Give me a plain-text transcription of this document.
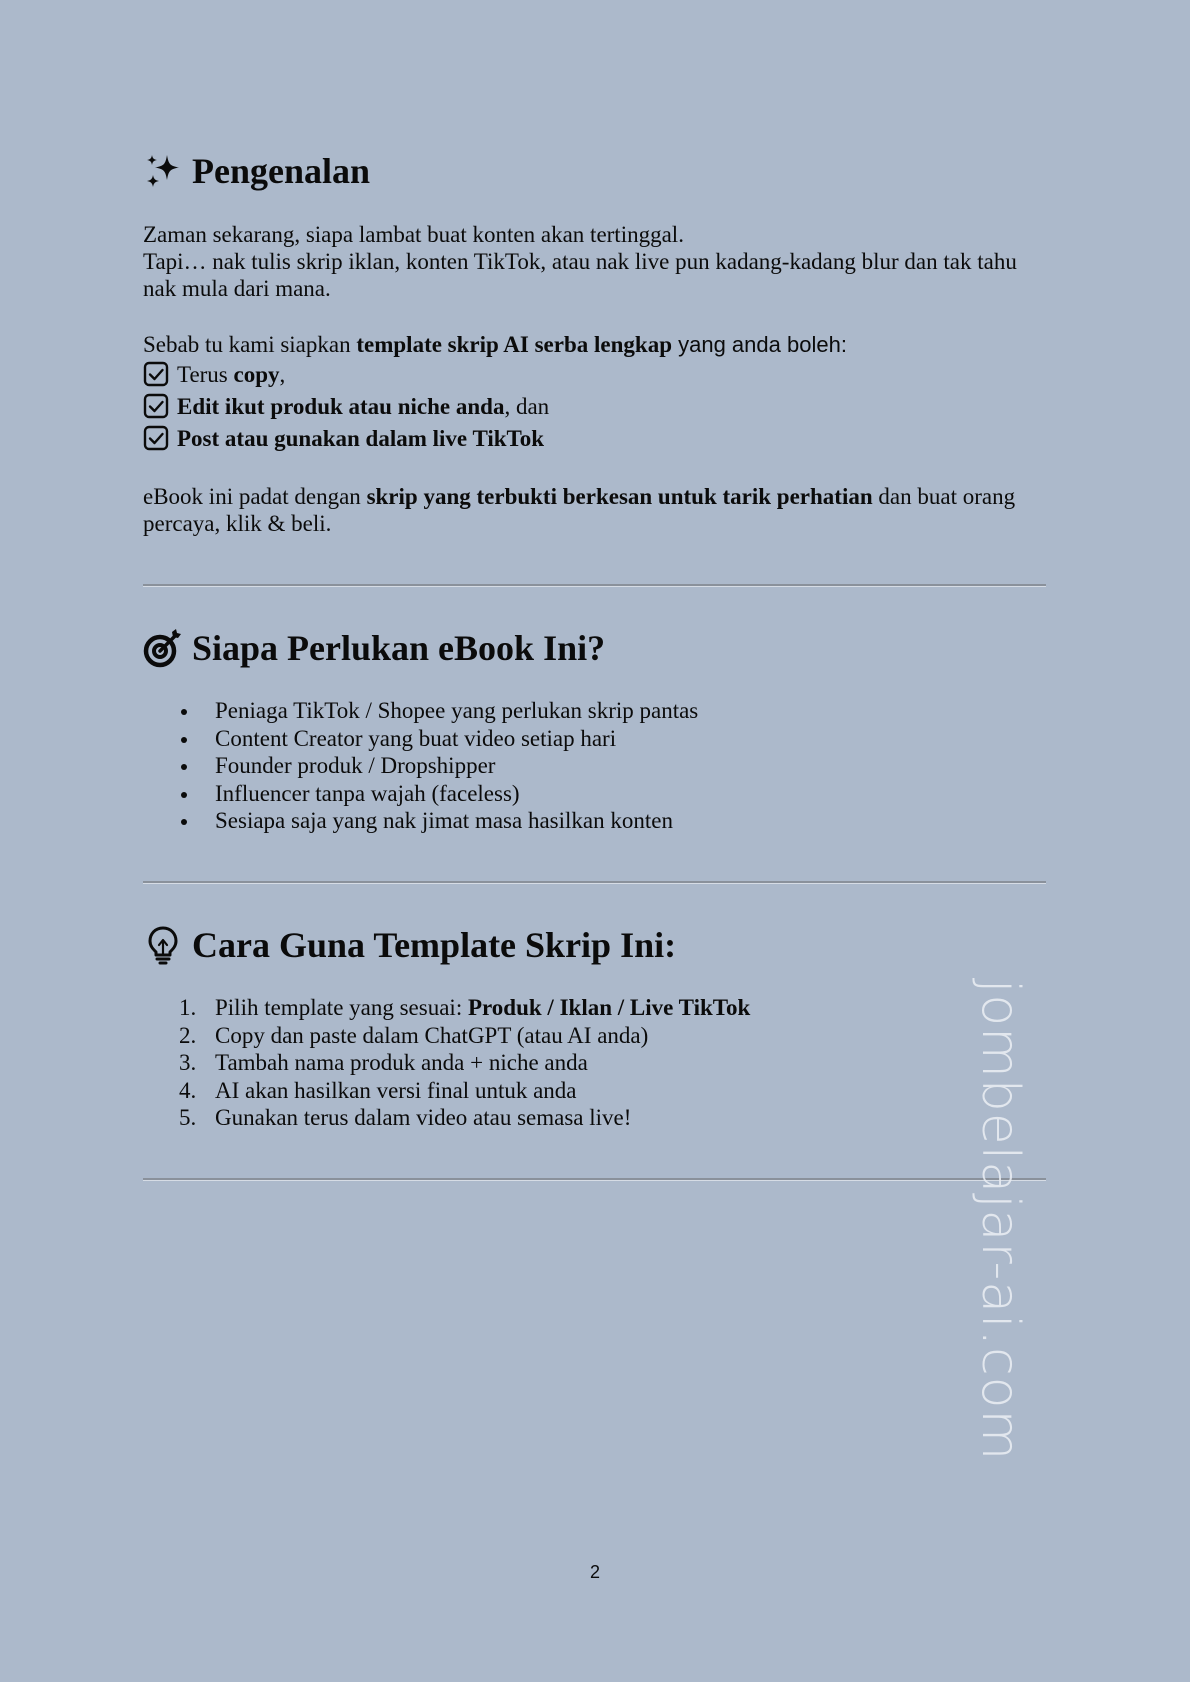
Pengenalan

Zaman sekarang, siapa lambat buat konten akan tertinggal.

Tapi… nak tulis skrip iklan, konten TikTok, atau nak live pun kadang-kadang blur dan tak tahu nak mula dari mana.

Sebab tu kami siapkan template skrip AI serba lengkap yang anda boleh:

Terus copy,
Edit ikut produk atau niche anda, dan
Post atau gunakan dalam live TikTok

eBook ini padat dengan skrip yang terbukti berkesan untuk tarik perhatian dan buat orang percaya, klik & beli.

Siapa Perlukan eBook Ini?
Peniaga TikTok / Shopee yang perlukan skrip pantas
Content Creator yang buat video setiap hari
Founder produk / Dropshipper
Influencer tanpa wajah (faceless)
Sesiapa saja yang nak jimat masa hasilkan konten
Cara Guna Template Skrip Ini:
1. Pilih template yang sesuai: Produk / Iklan / Live TikTok
2. Copy dan paste dalam ChatGPT (atau AI anda)
3. Tambah nama produk anda + niche anda
4. AI akan hasilkan versi final untuk anda
5. Gunakan terus dalam video atau semasa live!	jombelajar-ai.com
2
